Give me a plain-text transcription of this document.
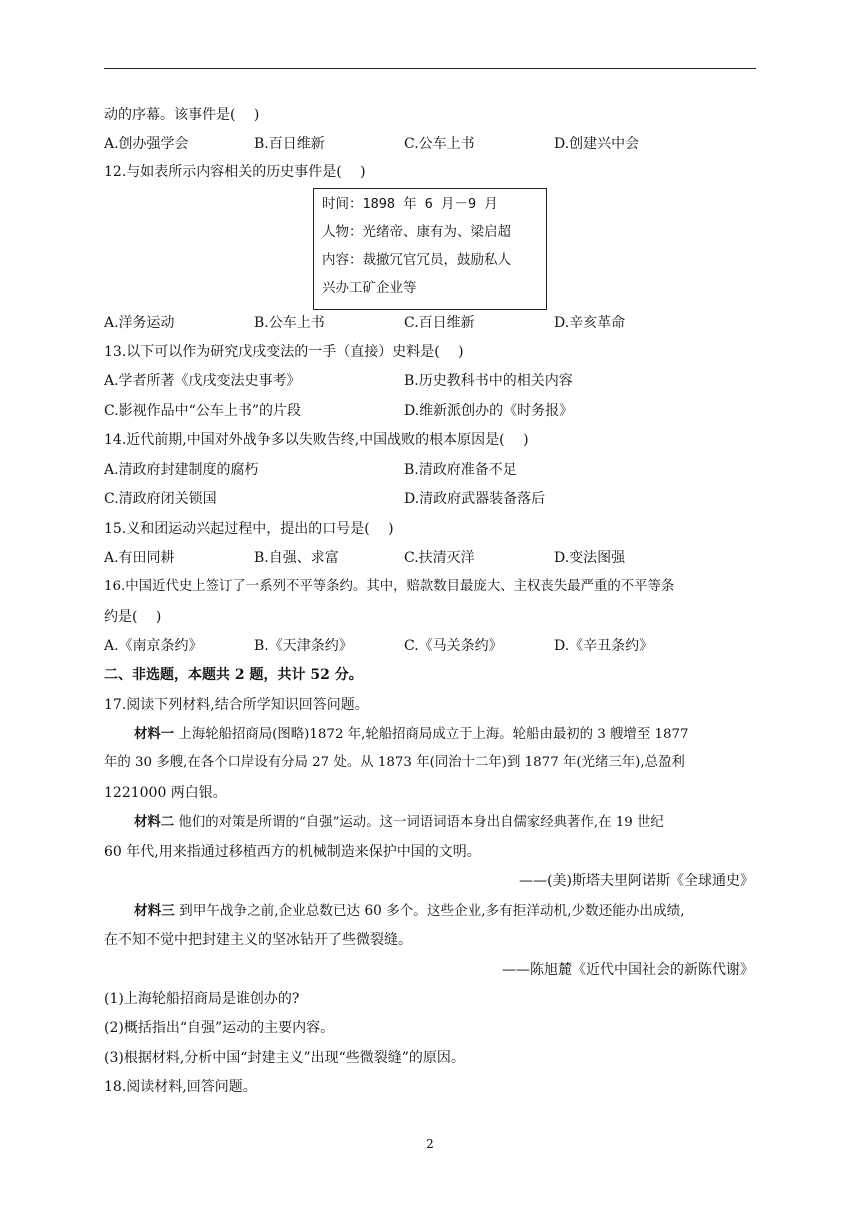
动的序幕。该事件是(　 )
A.创办强学会	B.百日维新	C.公车上书	D.创建兴中会
12.与如表所示内容相关的历史事件是(　 )
时间：1898 年 6 月－9 月
人物：光绪帝、康有为、梁启超
内容：裁撤冗官冗员，鼓励私人
兴办工矿企业等
A.洋务运动	B.公车上书	C.百日维新	D.辛亥革命
13.以下可以作为研究戊戌变法的一手（直接）史料是(　 )
A.学者所著《戊戌变法史事考》	B.历史教科书中的相关内容
C.影视作品中“公车上书”的片段	D.维新派创办的《时务报》
14.近代前期,中国对外战争多以失败告终,中国战败的根本原因是(　 )
A.清政府封建制度的腐朽	B.清政府准备不足
C.清政府闭关锁国	D.清政府武器装备落后
15.义和团运动兴起过程中，提出的口号是(　 )
A.有田同耕	B.自强、求富	C.扶清灭洋	D.变法图强
16.中国近代史上签订了一系列不平等条约。其中，赔款数目最庞大、主权丧失最严重的不平等条
约是(　 )
A.《南京条约》	B.《天津条约》	C.《马关条约》	D.《辛丑条约》
二、非选题，本题共 2 题，共计 52 分。
17.阅读下列材料,结合所学知识回答问题。
材料一 上海轮船招商局(图略)1872 年,轮船招商局成立于上海。轮船由最初的 3 艘增至 1877
年的 30 多艘,在各个口岸设有分局 27 处。从 1873 年(同治十二年)到 1877 年(光绪三年),总盈利
1221000 两白银。
材料二 他们的对策是所谓的“自强”运动。这一词语词语本身出自儒家经典著作,在 19 世纪
60 年代,用来指通过移植西方的机械制造来保护中国的文明。
——(美)斯塔夫里阿诺斯《全球通史》
材料三 到甲午战争之前,企业总数已达 60 多个。这些企业,多有拒洋动机,少数还能办出成绩,
在不知不觉中把封建主义的坚冰钻开了些微裂缝。
——陈旭麓《近代中国社会的新陈代谢》
(1)上海轮船招商局是谁创办的?
(2)概括指出“自强”运动的主要内容。
(3)根据材料,分析中国“封建主义”出现“些微裂缝”的原因。
18.阅读材料,回答问题。
2
